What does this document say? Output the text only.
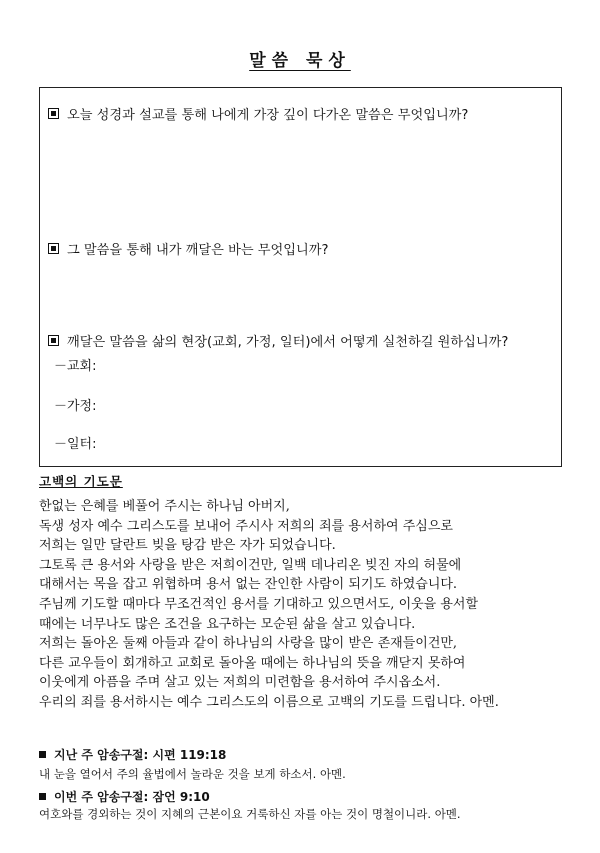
말씀 묵상
오늘 성경과 설교를 통해 나에게 가장 깊이 다가온 말씀은 무엇입니까?
그 말씀을 통해 내가 깨달은 바는 무엇입니까?
깨달은 말씀을 삶의 현장(교회, 가정, 일터)에서 어떻게 실천하길 원하십니까?
－교회:
－가정:
－일터:
고백의 기도문
한없는 은혜를 베풀어 주시는 하나님 아버지,
독생 성자 예수 그리스도를 보내어 주시사 저희의 죄를 용서하여 주심으로
저희는 일만 달란트 빚을 탕감 받은 자가 되었습니다.
그토록 큰 용서와 사랑을 받은 저희이건만, 일백 데나리온 빚진 자의 허물에
대해서는 목을 잡고 위협하며 용서 없는 잔인한 사람이 되기도 하였습니다.
주님께 기도할 때마다 무조건적인 용서를 기대하고 있으면서도, 이웃을 용서할
때에는 너무나도 많은 조건을 요구하는 모순된 삶을 살고 있습니다.
저희는 돌아온 둘째 아들과 같이 하나님의 사랑을 많이 받은 존재들이건만,
다른 교우들이 회개하고 교회로 돌아올 때에는 하나님의 뜻을 깨닫지 못하여
이웃에게 아픔을 주며 살고 있는 저희의 미련함을 용서하여 주시옵소서.
우리의 죄를 용서하시는 예수 그리스도의 이름으로 고백의 기도를 드립니다. 아멘.
지난 주 암송구절: 시편 119:18
내 눈을 열어서 주의 율법에서 놀라운 것을 보게 하소서. 아멘.
이번 주 암송구절: 잠언 9:10
여호와를 경외하는 것이 지혜의 근본이요 거룩하신 자를 아는 것이 명철이니라. 아멘.
